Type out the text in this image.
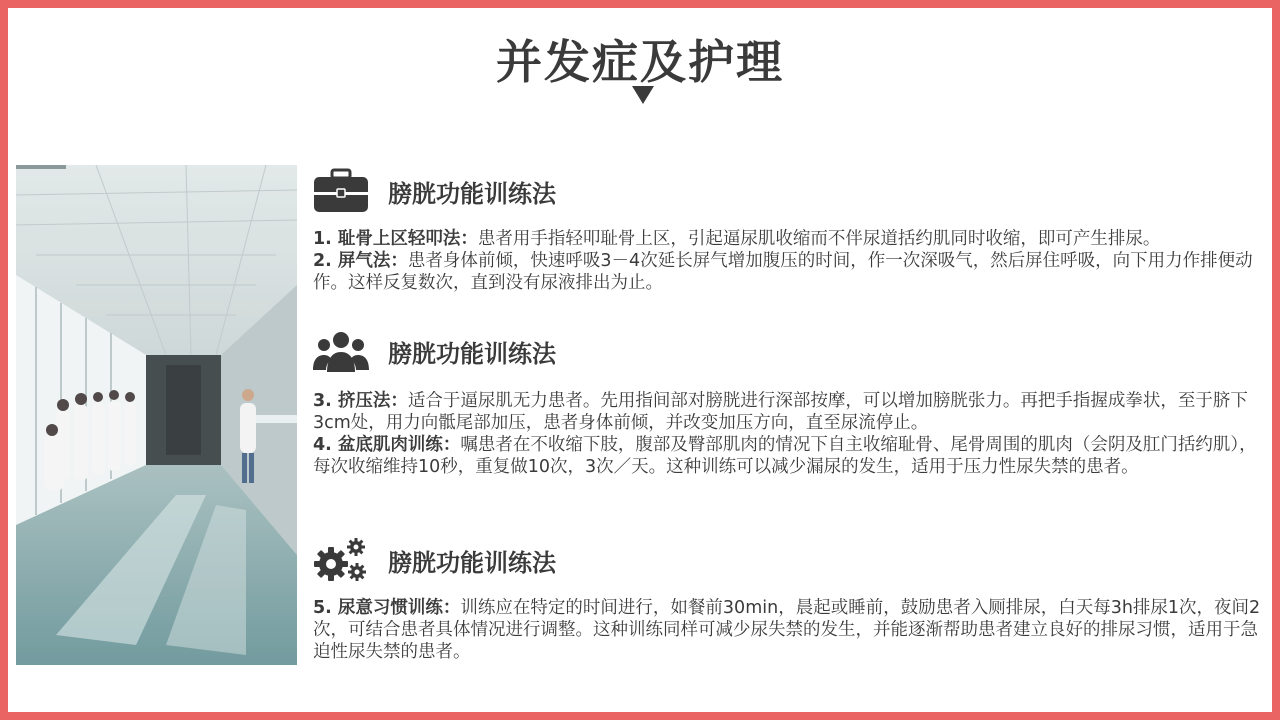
并发症及护理
膀胱功能训练法

1. 耻骨上区轻叩法：患者用手指轻叩耻骨上区，引起逼尿肌收缩而不伴尿道括约肌同时收缩，即可产生排尿。

2. 屏气法：患者身体前倾，快速呼吸3－4次延长屏气增加腹压的时间，作一次深吸气，然后屏住呼吸，向下用力作排便动作。这样反复数次，直到没有尿液排出为止。

膀胱功能训练法

3. 挤压法：适合于逼尿肌无力患者。先用指间部对膀胱进行深部按摩，可以增加膀胱张力。再把手指握成拳状，至于脐下3cm处，用力向骶尾部加压，患者身体前倾，并改变加压方向，直至尿流停止。

4. 盆底肌肉训练：嘱患者在不收缩下肢，腹部及臀部肌肉的情况下自主收缩耻骨、尾骨周围的肌肉（会阴及肛门括约肌），每次收缩维持10秒，重复做10次，3次／天。这种训练可以减少漏尿的发生，适用于压力性尿失禁的患者。

膀胱功能训练法

5. 尿意习惯训练：训练应在特定的时间进行，如餐前30min，晨起或睡前，鼓励患者入厕排尿，白天每3h排尿1次，夜间2次，可结合患者具体情况进行调整。这种训练同样可减少尿失禁的发生，并能逐渐帮助患者建立良好的排尿习惯，适用于急迫性尿失禁的患者。
